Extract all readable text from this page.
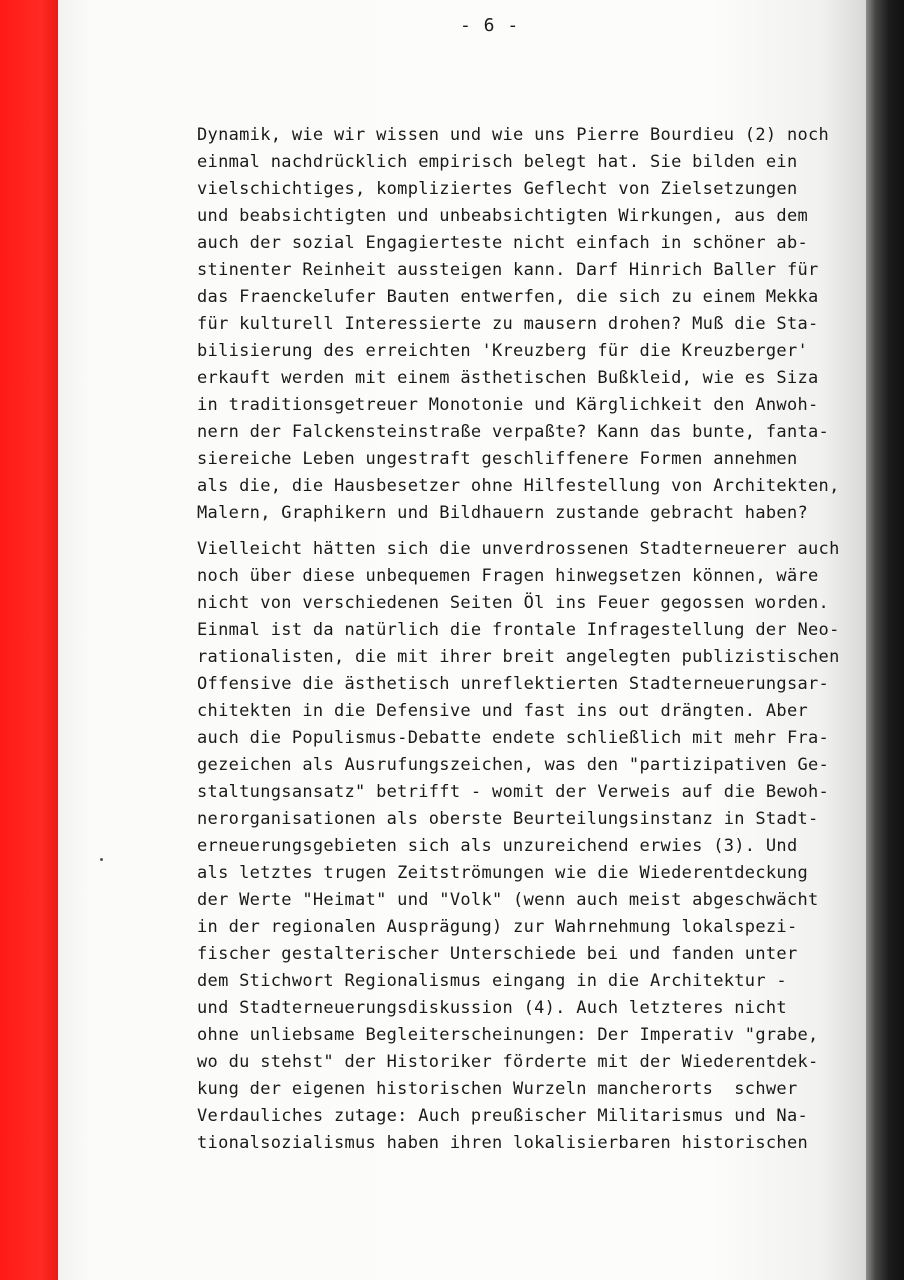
- 6 -
Dynamik, wie wir wissen und wie uns Pierre Bourdieu (2) noch
einmal nachdrücklich empirisch belegt hat. Sie bilden ein
vielschichtiges, kompliziertes Geflecht von Zielsetzungen
und beabsichtigten und unbeabsichtigten Wirkungen, aus dem
auch der sozial Engagierteste nicht einfach in schöner ab-
stinenter Reinheit aussteigen kann. Darf Hinrich Baller für
das Fraenckelufer Bauten entwerfen, die sich zu einem Mekka
für kulturell Interessierte zu mausern drohen? Muß die Sta-
bilisierung des erreichten 'Kreuzberg für die Kreuzberger'
erkauft werden mit einem ästhetischen Bußkleid, wie es Siza
in traditionsgetreuer Monotonie und Kärglichkeit den Anwoh-
nern der Falckensteinstraße verpaßte? Kann das bunte, fanta-
siereiche Leben ungestraft geschliffenere Formen annehmen
als die, die Hausbesetzer ohne Hilfestellung von Architekten,
Malern, Graphikern und Bildhauern zustande gebracht haben?
Vielleicht hätten sich die unverdrossenen Stadterneuerer auch
noch über diese unbequemen Fragen hinwegsetzen können, wäre
nicht von verschiedenen Seiten Öl ins Feuer gegossen worden.
Einmal ist da natürlich die frontale Infragestellung der Neo-
rationalisten, die mit ihrer breit angelegten publizistischen
Offensive die ästhetisch unreflektierten Stadterneuerungsar-
chitekten in die Defensive und fast ins out drängten. Aber
auch die Populismus-Debatte endete schließlich mit mehr Fra-
gezeichen als Ausrufungszeichen, was den "partizipativen Ge-
staltungsansatz" betrifft - womit der Verweis auf die Bewoh-
nerorganisationen als oberste Beurteilungsinstanz in Stadt-
erneuerungsgebieten sich als unzureichend erwies (3). Und
als letztes trugen Zeitströmungen wie die Wiederentdeckung
der Werte "Heimat" und "Volk" (wenn auch meist abgeschwächt
in der regionalen Ausprägung) zur Wahrnehmung lokalspezi-
fischer gestalterischer Unterschiede bei und fanden unter
dem Stichwort Regionalismus eingang in die Architektur -
und Stadterneuerungsdiskussion (4). Auch letzteres nicht
ohne unliebsame Begleiterscheinungen: Der Imperativ "grabe,
wo du stehst" der Historiker förderte mit der Wiederentdek-
kung der eigenen historischen Wurzeln mancherorts  schwer
Verdauliches zutage: Auch preußischer Militarismus und Na-
tionalsozialismus haben ihren lokalisierbaren historischen
